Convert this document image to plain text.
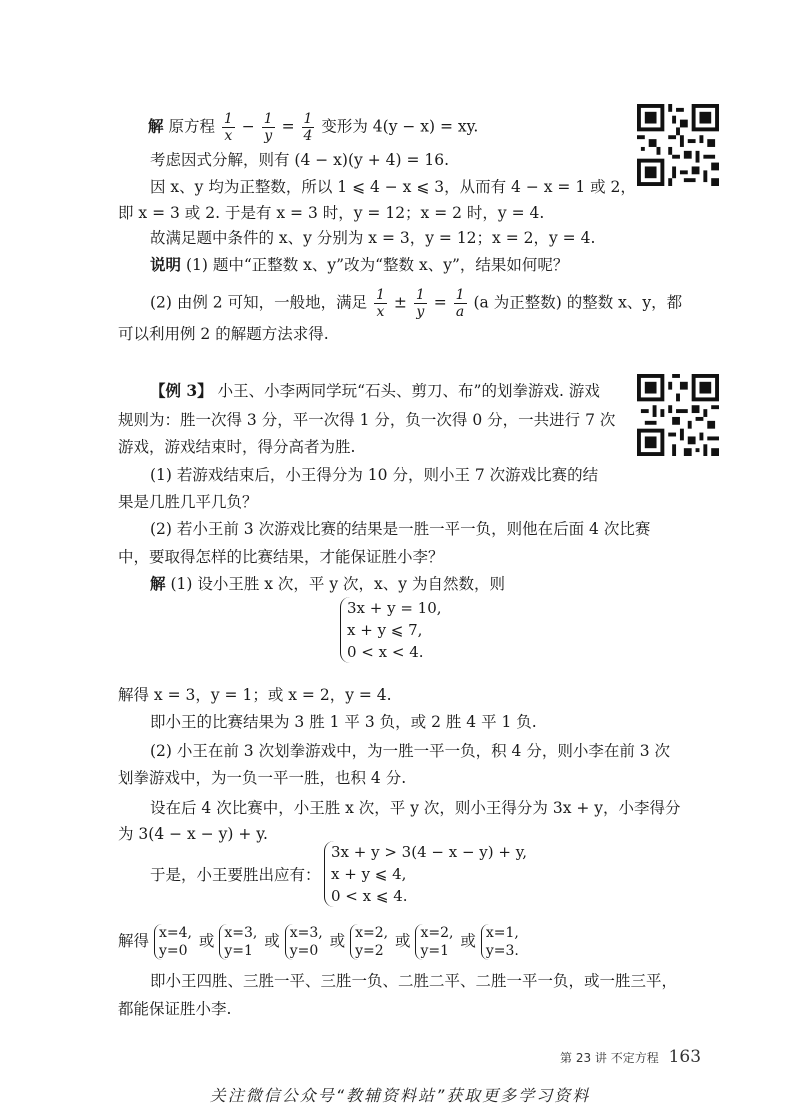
解 原方程 $\frac{1}{x} - \frac{1}{y} = \frac{1}{4}$ 变形为 4(y − x) = xy.
考虑因式分解，则有 (4 − x)(y + 4) = 16.
因 x、y 均为正整数，所以 1 ⩽ 4 − x ⩽ 3，从而有 4 − x = 1 或 2，
即 x = 3 或 2. 于是有 x = 3 时，y = 12；x = 2 时，y = 4.
故满足题中条件的 x、y 分别为 x = 3，y = 12；x = 2，y = 4.
说明 (1) 题中“正整数 x、y”改为“整数 x、y”，结果如何呢？
(2) 由例 2 可知，一般地，满足 $\frac{1}{x} \pm \frac{1}{y} = \frac{1}{a} (a$ 为正整数) 的整数 x、y，都
可以利用例 2 的解题方法求得.
【例 3】 小王、小李两同学玩“石头、剪刀、布”的划拳游戏. 游戏
规则为：胜一次得 3 分，平一次得 1 分，负一次得 0 分，一共进行 7 次
游戏，游戏结束时，得分高者为胜.
(1) 若游戏结束后，小王得分为 10 分，则小王 7 次游戏比赛的结
果是几胜几平几负？
(2) 若小王前 3 次游戏比赛的结果是一胜一平一负，则他在后面 4 次比赛
中，要取得怎样的比赛结果，才能保证胜小李？
解 (1) 设小王胜 x 次，平 y 次，x、y 为自然数，则
3x + y = 10,
x + y ⩽ 7,
0 < x < 4.
解得 x = 3，y = 1；或 x = 2，y = 4.
即小王的比赛结果为 3 胜 1 平 3 负，或 2 胜 4 平 1 负.
(2) 小王在前 3 次划拳游戏中，为一胜一平一负，积 4 分，则小李在前 3 次
划拳游戏中，为一负一平一胜，也积 4 分.
设在后 4 次比赛中，小王胜 x 次，平 y 次，则小王得分为 3x + y，小李得分
为 3(4 − x − y) + y.
于是，小王要胜出应有：
3x + y > 3(4 − x − y) + y,
x + y ⩽ 4,
0 < x ⩽ 4.
解得 x=4,
y=0
或 x=3,
y=1
或 x=3,
y=0
或 x=2,
y=2
或 x=2,
y=1
或 x=1,
y=3.
即小王四胜、三胜一平、三胜一负、二胜二平、二胜一平一负，或一胜三平，
都能保证胜小李.
第 23 讲 不定方程 163
关注微信公众号“教辅资料站”获取更多学习资料
